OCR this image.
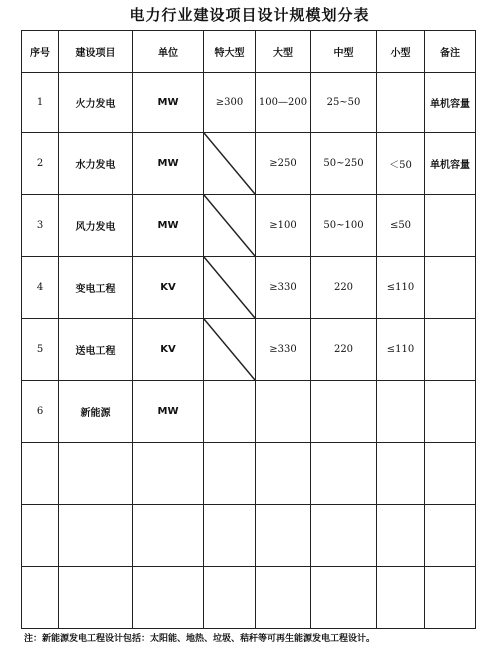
电力行业建设项目设计规模划分表
序号	建设项目	单位	特大型	大型	中型	小型	备注
1	火力发电	MW	≥300	100—200	25~50		单机容量
2	水力发电	MW		≥250	50~250	＜50	单机容量
3	风力发电	MW		≥100	50~100	≤50	
4	变电工程	KV		≥330	220	≤110	
5	送电工程	KV		≥330	220	≤110	
6	新能源	MW					

注：新能源发电工程设计包括：太阳能、地热、垃圾、秸秆等可再生能源发电工程设计。
